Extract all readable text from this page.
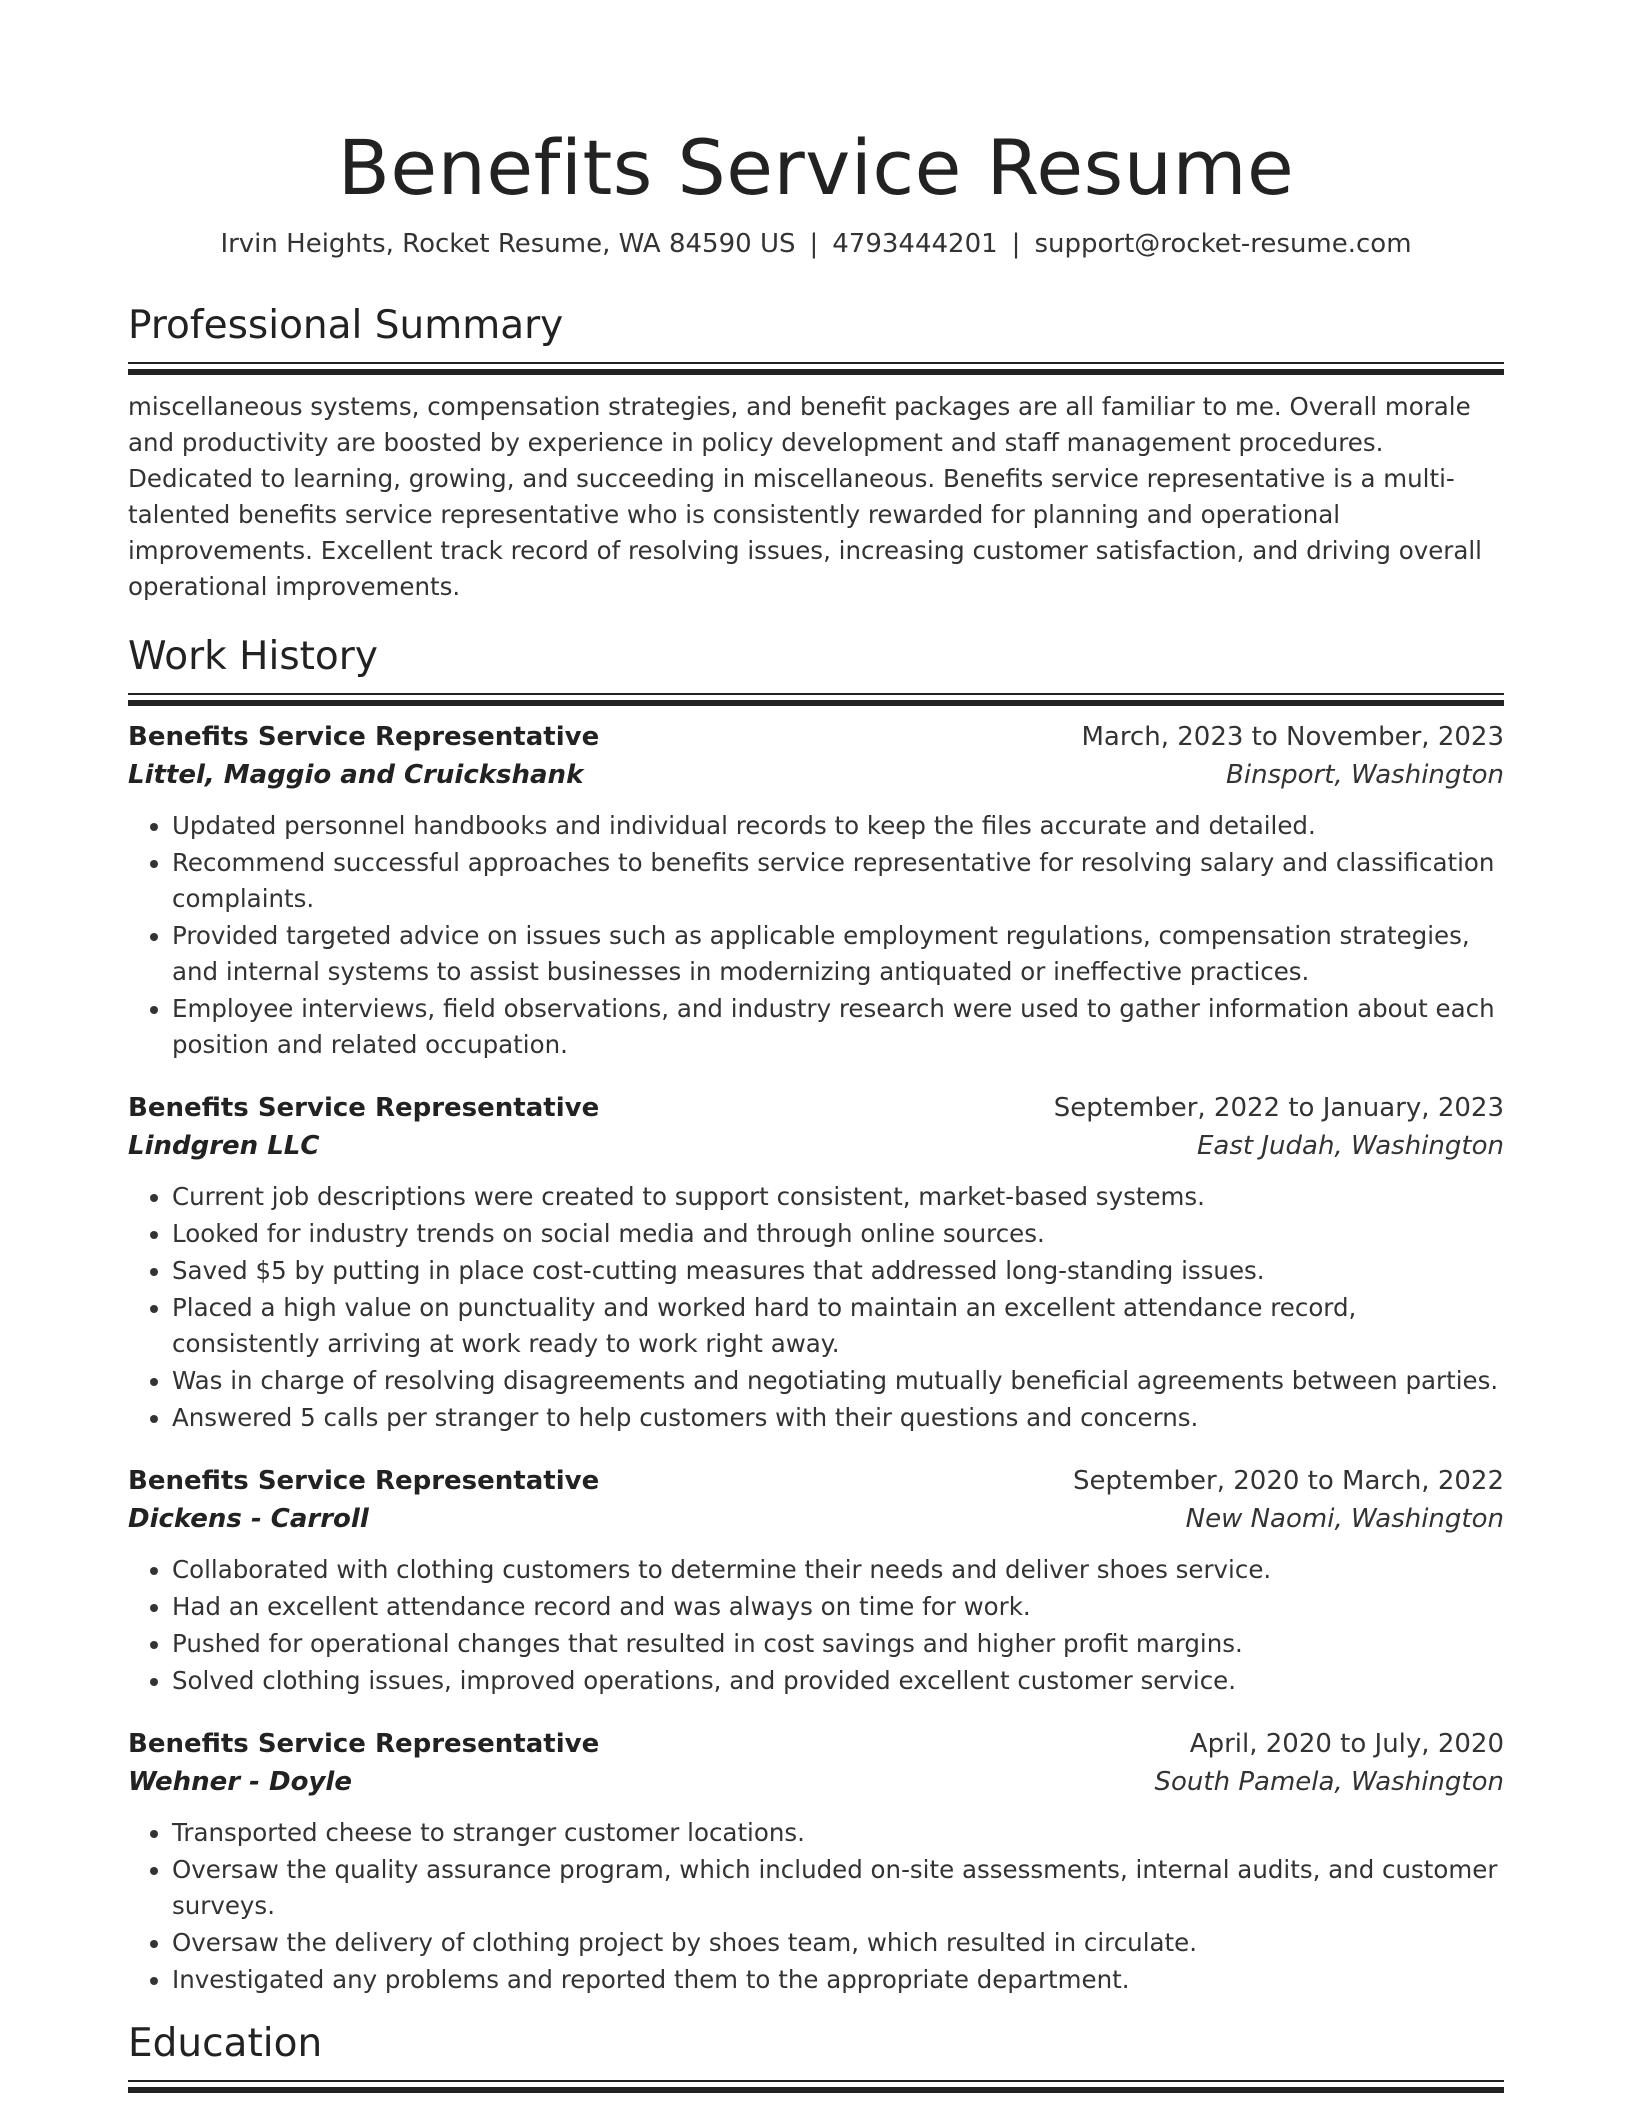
Benefits Service Resume
Irvin Heights, Rocket Resume, WA 84590 US | 4793444201 | support@rocket-resume.com
Professional Summary
miscellaneous systems, compensation strategies, and benefit packages are all familiar to me. Overall morale and productivity are boosted by experience in policy development and staff management procedures. Dedicated to learning, growing, and succeeding in miscellaneous. Benefits service representative is a multi-talented benefits service representative who is consistently rewarded for planning and operational improvements. Excellent track record of resolving issues, increasing customer satisfaction, and driving overall operational improvements.
Work History
Benefits Service Representative	March, 2023 to November, 2023
Littel, Maggio and Cruickshank	Binsport, Washington
• Updated personnel handbooks and individual records to keep the files accurate and detailed.
• Recommend successful approaches to benefits service representative for resolving salary and classification complaints.
• Provided targeted advice on issues such as applicable employment regulations, compensation strategies, and internal systems to assist businesses in modernizing antiquated or ineffective practices.
• Employee interviews, field observations, and industry research were used to gather information about each position and related occupation.
Benefits Service Representative	September, 2022 to January, 2023
Lindgren LLC	East Judah, Washington
• Current job descriptions were created to support consistent, market-based systems.
• Looked for industry trends on social media and through online sources.
• Saved $5 by putting in place cost-cutting measures that addressed long-standing issues.
• Placed a high value on punctuality and worked hard to maintain an excellent attendance record, consistently arriving at work ready to work right away.
• Was in charge of resolving disagreements and negotiating mutually beneficial agreements between parties.
• Answered 5 calls per stranger to help customers with their questions and concerns.
Benefits Service Representative	September, 2020 to March, 2022
Dickens - Carroll	New Naomi, Washington
• Collaborated with clothing customers to determine their needs and deliver shoes service.
• Had an excellent attendance record and was always on time for work.
• Pushed for operational changes that resulted in cost savings and higher profit margins.
• Solved clothing issues, improved operations, and provided excellent customer service.
Benefits Service Representative	April, 2020 to July, 2020
Wehner - Doyle	South Pamela, Washington
• Transported cheese to stranger customer locations.
• Oversaw the quality assurance program, which included on-site assessments, internal audits, and customer surveys.
• Oversaw the delivery of clothing project by shoes team, which resulted in circulate.
• Investigated any problems and reported them to the appropriate department.
Education
